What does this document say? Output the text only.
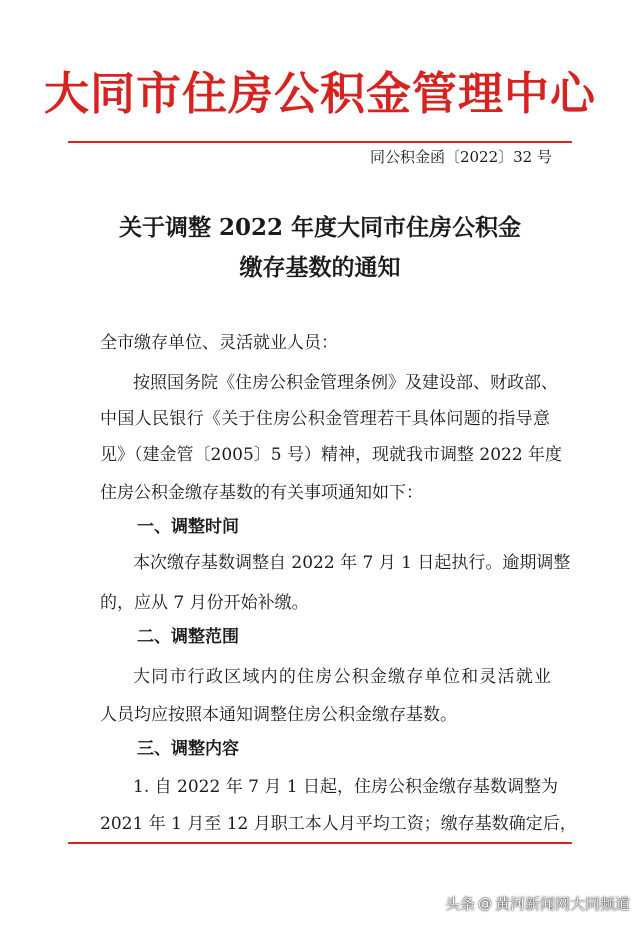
大同市住房公积金管理中心
同公积金函〔2022〕32 号
关于调整 2022 年度大同市住房公积金
缴存基数的通知
全市缴存单位、灵活就业人员：
按照国务院《住房公积金管理条例》及建设部、财政部、
中国人民银行《关于住房公积金管理若干具体问题的指导意
见》（建金管〔2005〕5 号）精神，现就我市调整 2022 年度
住房公积金缴存基数的有关事项通知如下：
一、调整时间
本次缴存基数调整自 2022 年 7 月 1 日起执行。逾期调整
的，应从 7 月份开始补缴。
二、调整范围
大同市行政区域内的住房公积金缴存单位和灵活就业
人员均应按照本通知调整住房公积金缴存基数。
三、调整内容
1. 自 2022 年 7 月 1 日起，住房公积金缴存基数调整为
2021 年 1 月至 12 月职工本人月平均工资；缴存基数确定后，
头条 @ 黄河新闻网大同频道
